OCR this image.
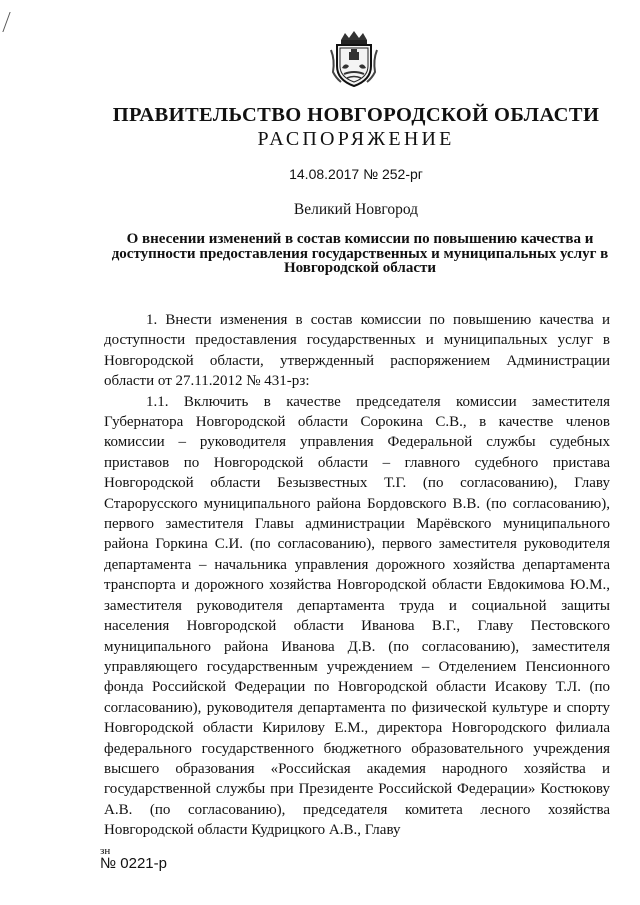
ПРАВИТЕЛЬСТВО НОВГОРОДСКОЙ ОБЛАСТИ
РАСПОРЯЖЕНИЕ
14.08.2017 № 252-рг
Великий Новгород
О внесении изменений в состав комиссии по повышению качества и доступности предоставления государственных и муниципальных услуг в Новгородской области

1. Внести изменения в состав комиссии по повышению качества и доступности предоставления государственных и муниципальных услуг в Новгородской области, утвержденный распоряжением Администрации области от 27.11.2012 № 431-рз:

1.1. Включить в качестве председателя комиссии заместителя Губернатора Новгородской области Сорокина С.В., в качестве членов комиссии – руководителя управления Федеральной службы судебных приставов по Новгородской области – главного судебного пристава Новгородской области Безызвестных Т.Г. (по согласованию), Главу Старорусского муниципального района Бордовского В.В. (по согласованию), первого заместителя Главы администрации Марёвского муниципального района Горкина С.И. (по согласованию), первого заместителя руководителя департамента – начальника управления дорожного хозяйства департамента транспорта и дорожного хозяйства Новгородской области Евдокимова Ю.М., заместителя руководителя департамента труда и социальной защиты населения Новгородской области Иванова В.Г., Главу Пестовского муниципального района Иванова Д.В. (по согласованию), заместителя управляющего государственным учреждением – Отделением Пенсионного фонда Российской Федерации по Новгородской области Исакову Т.Л. (по согласованию), руководителя департамента по физической культуре и спорту Новгородской области Кирилову Е.М., директора Новгородского филиала федерального государственного бюджетного образовательного учреждения высшего образования «Российская академия народного хозяйства и государственной службы при Президенте Российской Федерации» Костюкову А.В. (по согласованию), председателя комитета лесного хозяйства Новгородской области Кудрицкого А.В., Главу

зн
№ 0221-р
